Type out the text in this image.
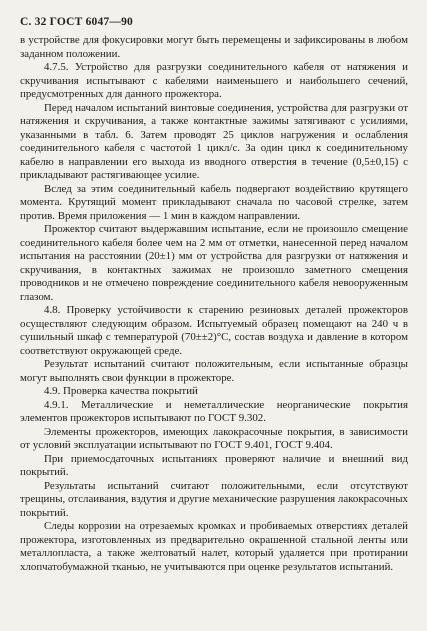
С. 32 ГОСТ 6047—90

в устройстве для фокусировки могут быть перемещены и зафиксированы в любом заданном положении.

4.7.5. Устройство для разгрузки соединительного кабеля от натяжения и скручивания испытывают с кабелями наименьшего и наибольшего сечений, предусмотренных для данного прожектора.

Перед началом испытаний винтовые соединения, устройства для разгрузки от натяжения и скручивания, а также контактные зажимы затягивают с усилиями, указанными в табл. 6. Затем проводят 25 циклов нагружения и ослабления соединительного кабеля с частотой 1 цикл/с. За один цикл к соединительному кабелю в направлении его выхода из вводного отверстия в течение (0,5±0,15) с прикладывают растягивающее усилие.

Вслед за этим соединительный кабель подвергают воздействию крутящего момента. Крутящий момент прикладывают сначала по часовой стрелке, затем против. Время приложения — 1 мин в каждом направлении.

Прожектор считают выдержавшим испытание, если не произошло смещение соединительного кабеля более чем на 2 мм от отметки, нанесенной перед началом испытания на расстоянии (20±1) мм от устройства для разгрузки от натяжения и скручивания, в контактных зажимах не произошло заметного смещения проводников и не отмечено повреждение соединительного кабеля невооруженным глазом.

4.8. Проверку устойчивости к старению резиновых деталей прожекторов осуществляют следующим образом. Испытуемый образец помещают на 240 ч в сушильный шкаф с температурой (70±±2)°С, состав воздуха и давление в котором соответствуют окружающей среде.

Результат испытаний считают положительным, если испытанные образцы могут выполнять свои функции в прожекторе.

4.9. Проверка качества покрытий

4.9.1. Металлические и неметаллические неорганические покрытия элементов прожекторов испытывают по ГОСТ 9.302.

Элементы прожекторов, имеющих лакокрасочные покрытия, в зависимости от условий эксплуатации испытывают по ГОСТ 9.401, ГОСТ 9.404.

При приемосдаточных испытаниях проверяют наличие и внешний вид покрытий.

Результаты испытаний считают положительными, если отсутствуют трещины, отслаивания, вздутия и другие механические разрушения лакокрасочных покрытий.

Следы коррозии на отрезаемых кромках и пробиваемых отверстиях деталей прожектора, изготовленных из предварительно окрашенной стальной ленты или металлопласта, а также желтоватый налет, который удаляется при протирании хлопчатобумажной тканью, не учитываются при оценке результатов испытаний.
